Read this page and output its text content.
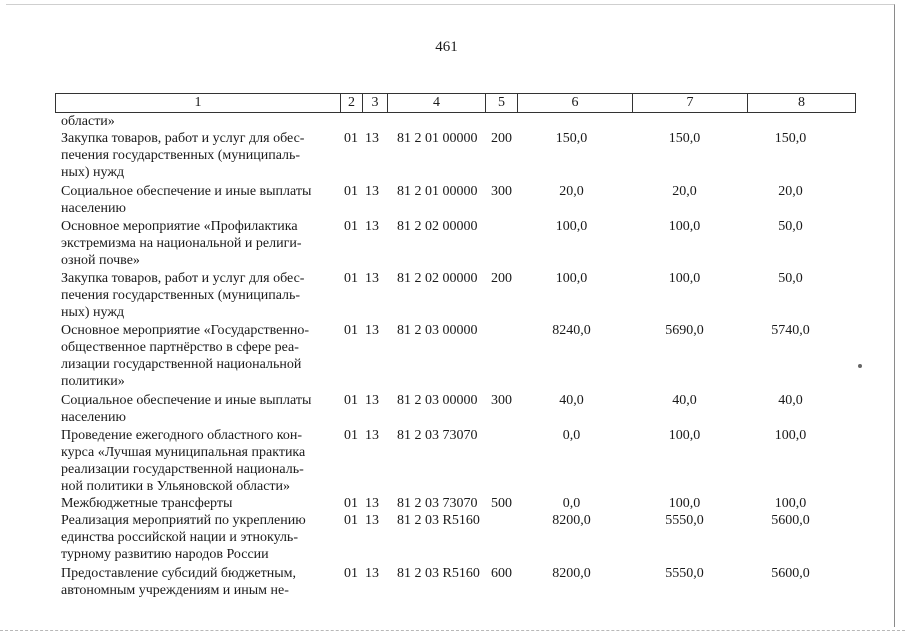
461
1	2	3	4	5	6	7	8
области»
Закупка товаров, работ и услуг для обес-
печения государственных (муниципаль-
ных) нужд
01 13	81 2 01 00000 200	150,0	150,0	150,0
Социальное обеспечение и иные выплаты
населению
01 13	81 2 01 00000 300	20,0	20,0	20,0
Основное мероприятие «Профилактика
экстремизма на национальной и религи-
озной почве»
01 13	81 2 02 00000	100,0	100,0	50,0
Закупка товаров, работ и услуг для обес-
печения государственных (муниципаль-
ных) нужд
01 13	81 2 02 00000 200	100,0	100,0	50,0
Основное мероприятие «Государственно-
общественное партнёрство в сфере реа-
лизации государственной национальной
политики»
01 13	81 2 03 00000	8240,0	5690,0	5740,0
Социальное обеспечение и иные выплаты
населению
01 13	81 2 03 00000 300	40,0	40,0	40,0
Проведение ежегодного областного кон-
курса «Лучшая муниципальная практика
реализации государственной националь-
ной политики в Ульяновской области»
01 13	81 2 03 73070	0,0	100,0	100,0
Межбюджетные трансферты	01 13	81 2 03 73070 500	0,0	100,0	100,0
Реализация мероприятий по укреплению
единства российской нации и этнокуль-
турному развитию народов России
01 13	81 2 03 R5160	8200,0	5550,0	5600,0
Предоставление субсидий бюджетным,
автономным учреждениям и иным не-
01 13	81 2 03 R5160 600	8200,0	5550,0	5600,0
